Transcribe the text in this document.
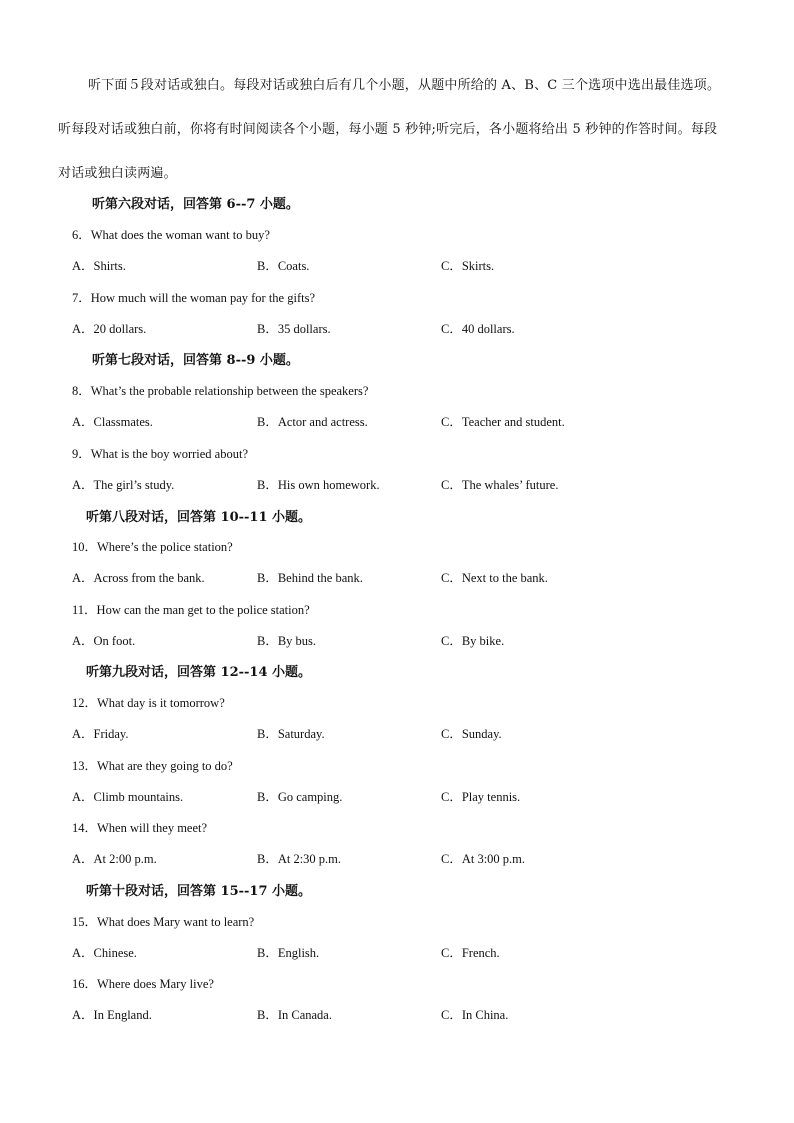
听下面５段对话或独白。每段对话或独白后有几个小题，从题中所给的 A、B、C 三个选项中选出最佳选项。听每段对话或独白前，你将有时间阅读各个小题，每小题 5 秒钟;听完后，各小题将给出 5 秒钟的作答时间。每段对话或独白读两遍。
听第六段对话，回答第 6--7 小题。
6．What does the woman want to buy?
A．Shirts.	B．Coats.	C．Skirts.
7．How much will the woman pay for the gifts?
A．20 dollars.	B．35 dollars.	C．40 dollars.
听第七段对话，回答第 8--9 小题。
8．What’s the probable relationship between the speakers?
A．Classmates.	B．Actor and actress.	C．Teacher and student.
9．What is the boy worried about?
A．The girl’s study.	B．His own homework.	C．The whales’ future.
听第八段对话，回答第 10--11 小题。
10．Where’s the police station?
A．Across from the bank.	B．Behind the bank.	C．Next to the bank.
11．How can the man get to the police station?
A．On foot.	B．By bus.	C．By bike.
听第九段对话，回答第 12--14 小题。
12．What day is it tomorrow?
A．Friday.	B．Saturday.	C．Sunday.
13．What are they going to do?
A．Climb mountains.	B．Go camping.	C．Play tennis.
14．When will they meet?
A．At 2:00 p.m.	B．At 2:30 p.m.	C．At 3:00 p.m.
听第十段对话，回答第 15--17 小题。
15．What does Mary want to learn?
A．Chinese.	B．English.	C．French.
16．Where does Mary live?
A．In England.	B．In Canada.	C．In China.
